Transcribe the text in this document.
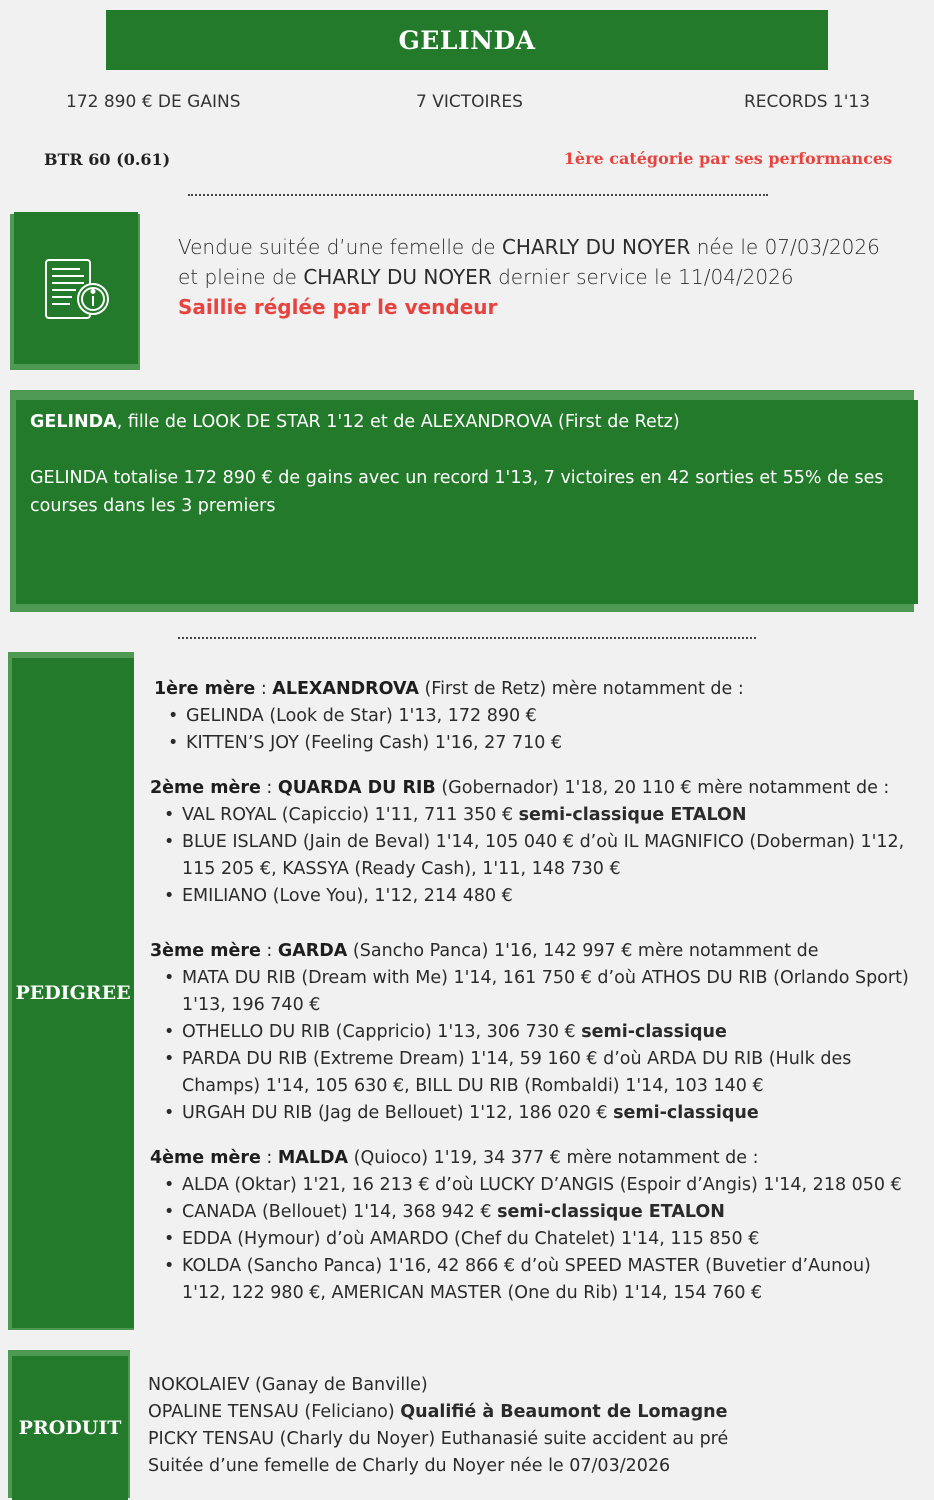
GELINDA
172 890 € DE GAINS	7 VICTOIRES	RECORDS 1'13
BTR 60 (0.61)	1ère catégorie par ses performances
Vendue suitée d’une femelle de CHARLY DU NOYER née le 07/03/2026
et pleine de CHARLY DU NOYER dernier service le 11/04/2026
Saillie réglée par le vendeur

GELINDA, fille de LOOK DE STAR 1'12 et de ALEXANDROVA (First de Retz)

GELINDA totalise 172 890 € de gains avec un record 1'13, 7 victoires en 42 sorties et 55% de ses courses dans les 3 premiers

PEDIGREE
1ère mère : ALEXANDROVA (First de Retz) mère notamment de :
• GELINDA (Look de Star) 1'13, 172 890 €
• KITTEN’S JOY (Feeling Cash) 1'16, 27 710 €
2ème mère : QUARDA DU RIB (Gobernador) 1'18, 20 110 € mère notamment de :
• VAL ROYAL (Capiccio) 1'11, 711 350 € semi-classique ETALON
• BLUE ISLAND (Jain de Beval) 1'14, 105 040 € d’où IL MAGNIFICO (Doberman) 1'12, 115 205 €, KASSYA (Ready Cash), 1'11, 148 730 €
• EMILIANO (Love You), 1'12, 214 480 €
3ème mère : GARDA (Sancho Panca) 1'16, 142 997 € mère notamment de
• MATA DU RIB (Dream with Me) 1'14, 161 750 € d’où ATHOS DU RIB (Orlando Sport) 1'13, 196 740 €
• OTHELLO DU RIB (Cappricio) 1'13, 306 730 € semi-classique
• PARDA DU RIB (Extreme Dream) 1'14, 59 160 € d’où ARDA DU RIB (Hulk des Champs) 1'14, 105 630 €, BILL DU RIB (Rombaldi) 1'14, 103 140 €
• URGAH DU RIB (Jag de Bellouet) 1'12, 186 020 € semi-classique
4ème mère : MALDA (Quioco) 1'19, 34 377 € mère notamment de :
• ALDA (Oktar) 1'21, 16 213 € d’où LUCKY D’ANGIS (Espoir d’Angis) 1'14, 218 050 €
• CANADA (Bellouet) 1'14, 368 942 € semi-classique ETALON
• EDDA (Hymour) d’où AMARDO (Chef du Chatelet) 1'14, 115 850 €
• KOLDA (Sancho Panca) 1'16, 42 866 € d’où SPEED MASTER (Buvetier d’Aunou) 1'12, 122 980 €, AMERICAN MASTER (One du Rib) 1'14, 154 760 €
PRODUIT
NOKOLAIEV (Ganay de Banville)
OPALINE TENSAU (Feliciano) Qualifié à Beaumont de Lomagne
PICKY TENSAU (Charly du Noyer) Euthanasié suite accident au pré
Suitée d’une femelle de Charly du Noyer née le 07/03/2026
